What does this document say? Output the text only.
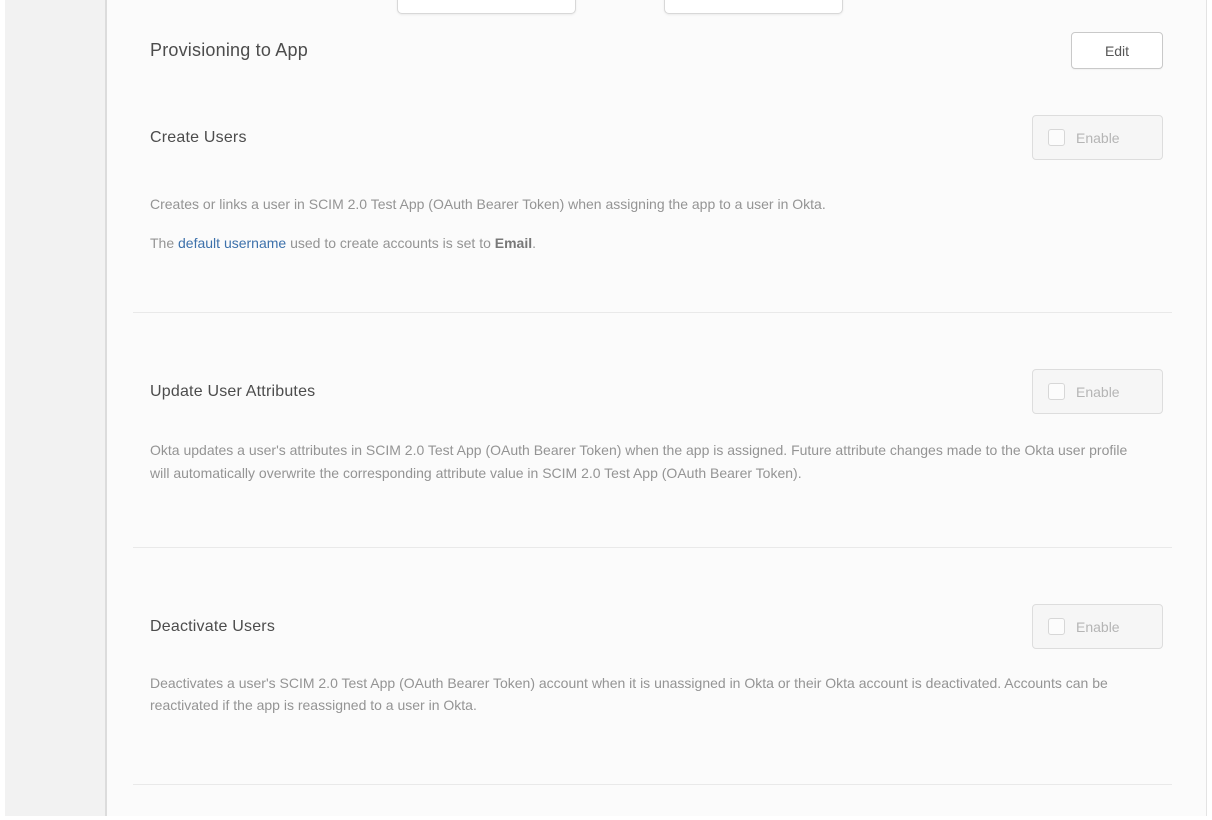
Provisioning to App	Edit
Create Users	Enable

Creates or links a user in SCIM 2.0 Test App (OAuth Bearer Token) when assigning the app to a user in Okta.

The default username used to create accounts is set to Email.

Update User Attributes	Enable

Okta updates a user's attributes in SCIM 2.0 Test App (OAuth Bearer Token) when the app is assigned. Future attribute changes made to the Okta user profile will automatically overwrite the corresponding attribute value in SCIM 2.0 Test App (OAuth Bearer Token).

Deactivate Users	Enable

Deactivates a user's SCIM 2.0 Test App (OAuth Bearer Token) account when it is unassigned in Okta or their Okta account is deactivated. Accounts can be reactivated if the app is reassigned to a user in Okta.
